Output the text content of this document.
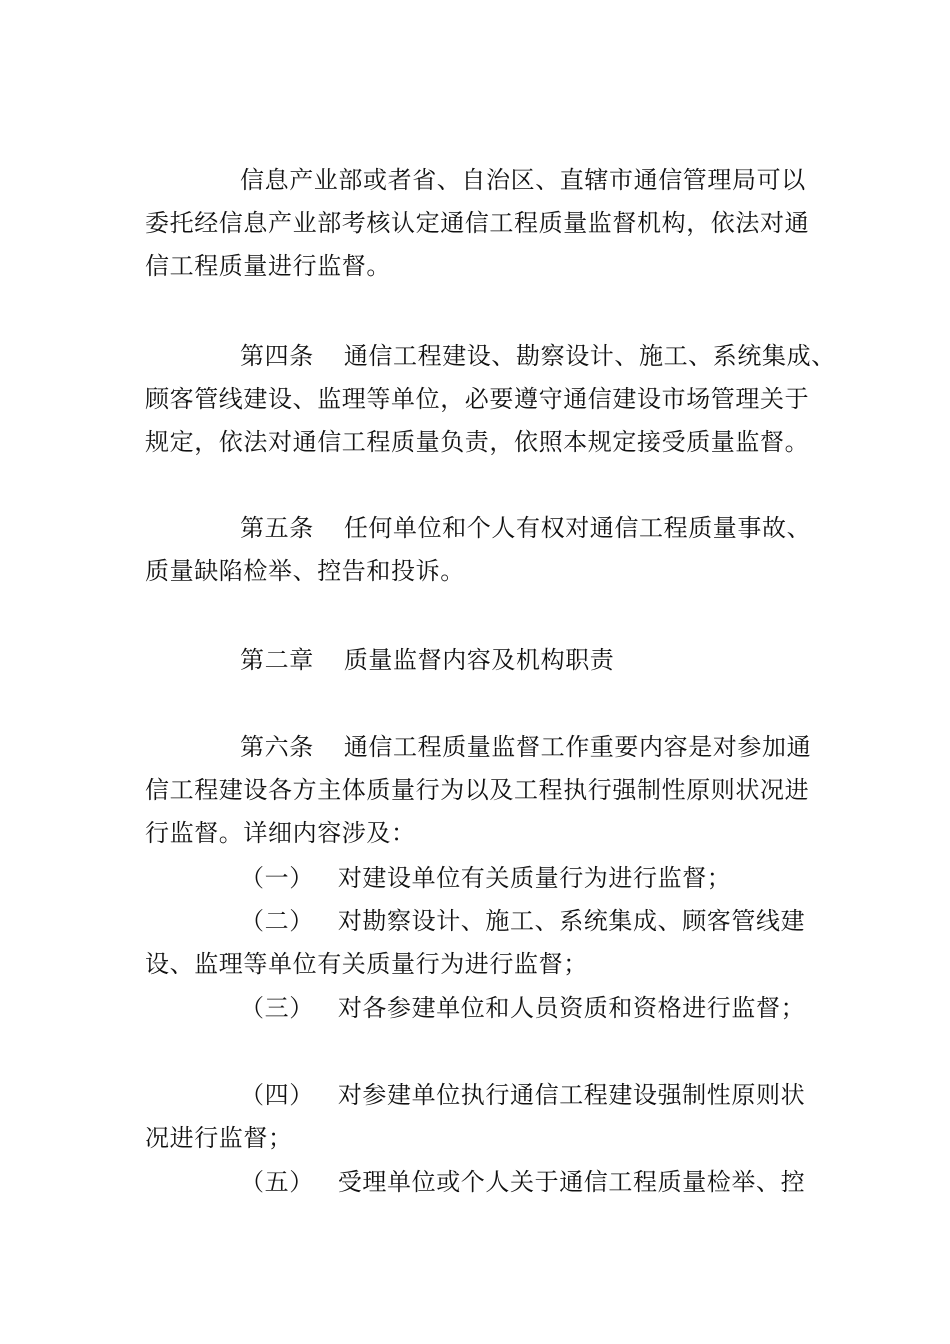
信息产业部或者省、自治区、直辖市通信管理局可以
委托经信息产业部考核认定通信工程质量监督机构，依法对通
信工程质量进行监督。
第四条 通信工程建设、勘察设计、施工、系统集成、
顾客管线建设、监理等单位，必要遵守通信建设市场管理关于
规定，依法对通信工程质量负责，依照本规定接受质量监督。
第五条 任何单位和个人有权对通信工程质量事故、
质量缺陷检举、控告和投诉。
第二章 质量监督内容及机构职责
第六条 通信工程质量监督工作重要内容是对参加通
信工程建设各方主体质量行为以及工程执行强制性原则状况进
行监督。详细内容涉及：
（一） 对建设单位有关质量行为进行监督；
（二） 对勘察设计、施工、系统集成、顾客管线建
设、监理等单位有关质量行为进行监督；
（三） 对各参建单位和人员资质和资格进行监督；
（四） 对参建单位执行通信工程建设强制性原则状
况进行监督；
（五） 受理单位或个人关于通信工程质量检举、控
